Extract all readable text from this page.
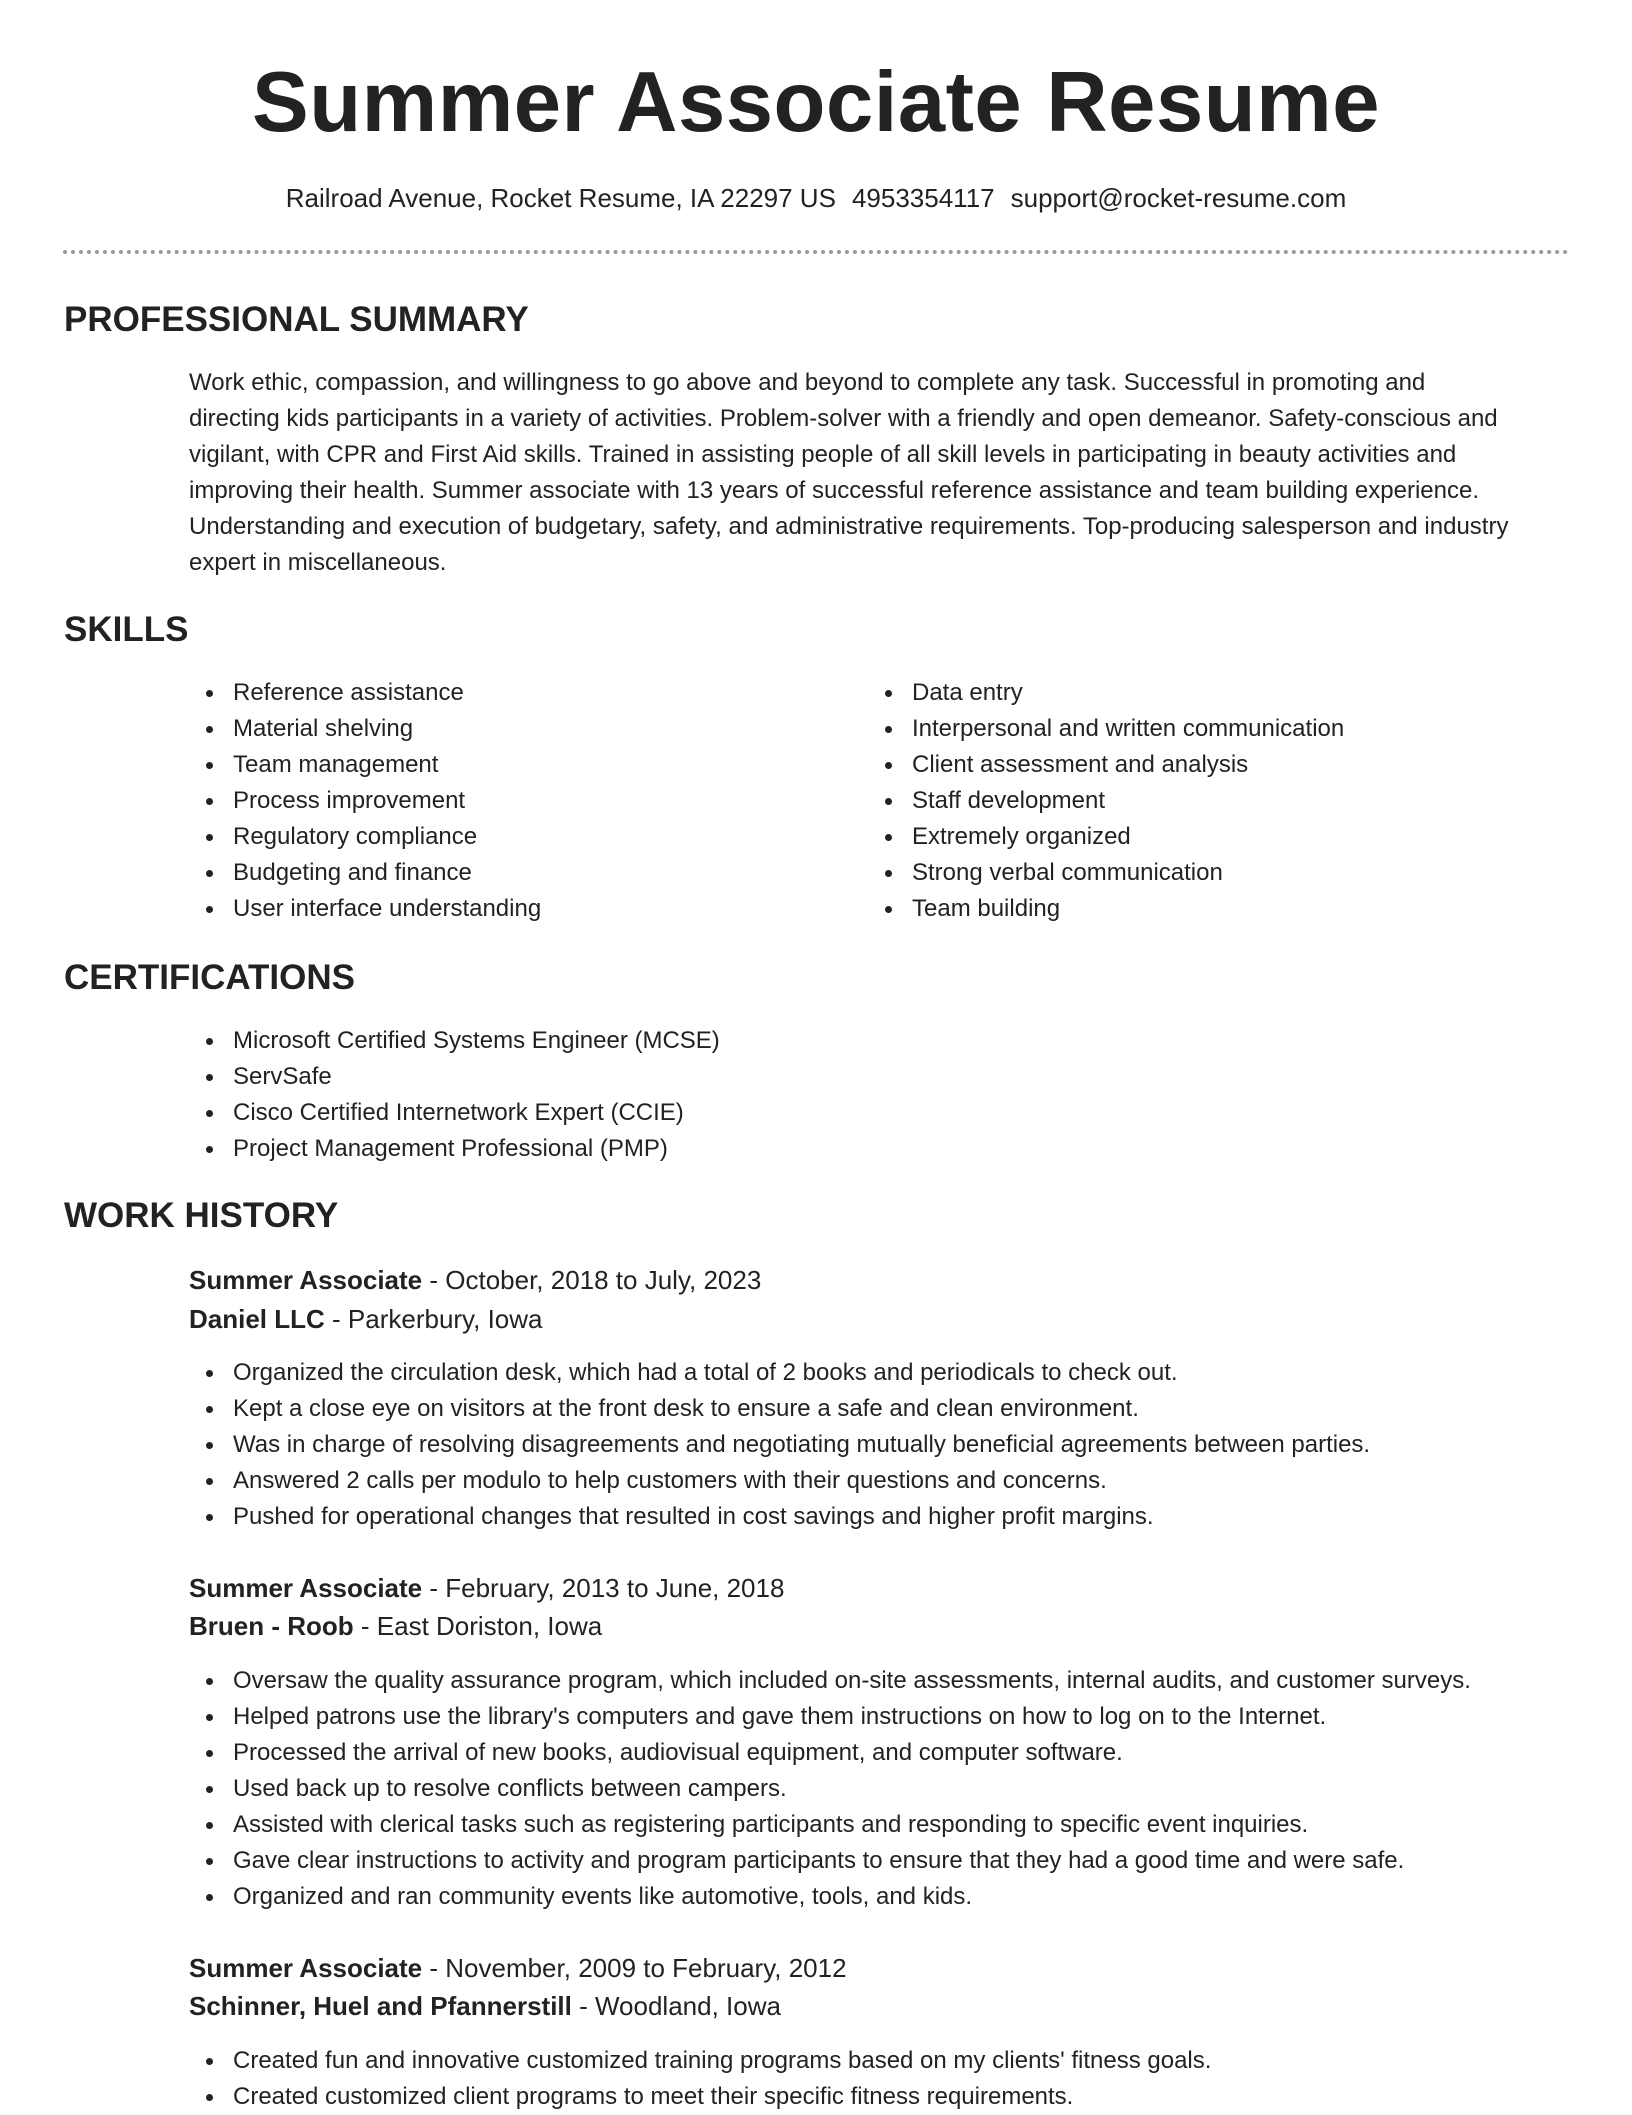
Summer Associate Resume
Railroad Avenue, Rocket Resume, IA 22297 US 4953354117 support@rocket-resume.com
PROFESSIONAL SUMMARY
Work ethic, compassion, and willingness to go above and beyond to complete any task. Successful in promoting and
directing kids participants in a variety of activities. Problem-solver with a friendly and open demeanor. Safety-conscious and
vigilant, with CPR and First Aid skills. Trained in assisting people of all skill levels in participating in beauty activities and
improving their health. Summer associate with 13 years of successful reference assistance and team building experience.
Understanding and execution of budgetary, safety, and administrative requirements. Top-producing salesperson and industry
expert in miscellaneous.
SKILLS
Reference assistance
Material shelving
Team management
Process improvement
Regulatory compliance
Budgeting and finance
User interface understanding
Data entry
Interpersonal and written communication
Client assessment and analysis
Staff development
Extremely organized
Strong verbal communication
Team building
CERTIFICATIONS
Microsoft Certified Systems Engineer (MCSE)
ServSafe
Cisco Certified Internetwork Expert (CCIE)
Project Management Professional (PMP)
WORK HISTORY
Summer Associate - October, 2018 to July, 2023
Daniel LLC - Parkerbury, Iowa
Organized the circulation desk, which had a total of 2 books and periodicals to check out.
Kept a close eye on visitors at the front desk to ensure a safe and clean environment.
Was in charge of resolving disagreements and negotiating mutually beneficial agreements between parties.
Answered 2 calls per modulo to help customers with their questions and concerns.
Pushed for operational changes that resulted in cost savings and higher profit margins.
Summer Associate - February, 2013 to June, 2018
Bruen - Roob - East Doriston, Iowa
Oversaw the quality assurance program, which included on-site assessments, internal audits, and customer surveys.
Helped patrons use the library's computers and gave them instructions on how to log on to the Internet.
Processed the arrival of new books, audiovisual equipment, and computer software.
Used back up to resolve conflicts between campers.
Assisted with clerical tasks such as registering participants and responding to specific event inquiries.
Gave clear instructions to activity and program participants to ensure that they had a good time and were safe.
Organized and ran community events like automotive, tools, and kids.
Summer Associate - November, 2009 to February, 2012
Schinner, Huel and Pfannerstill - Woodland, Iowa
Created fun and innovative customized training programs based on my clients' fitness goals.
Created customized client programs to meet their specific fitness requirements.
